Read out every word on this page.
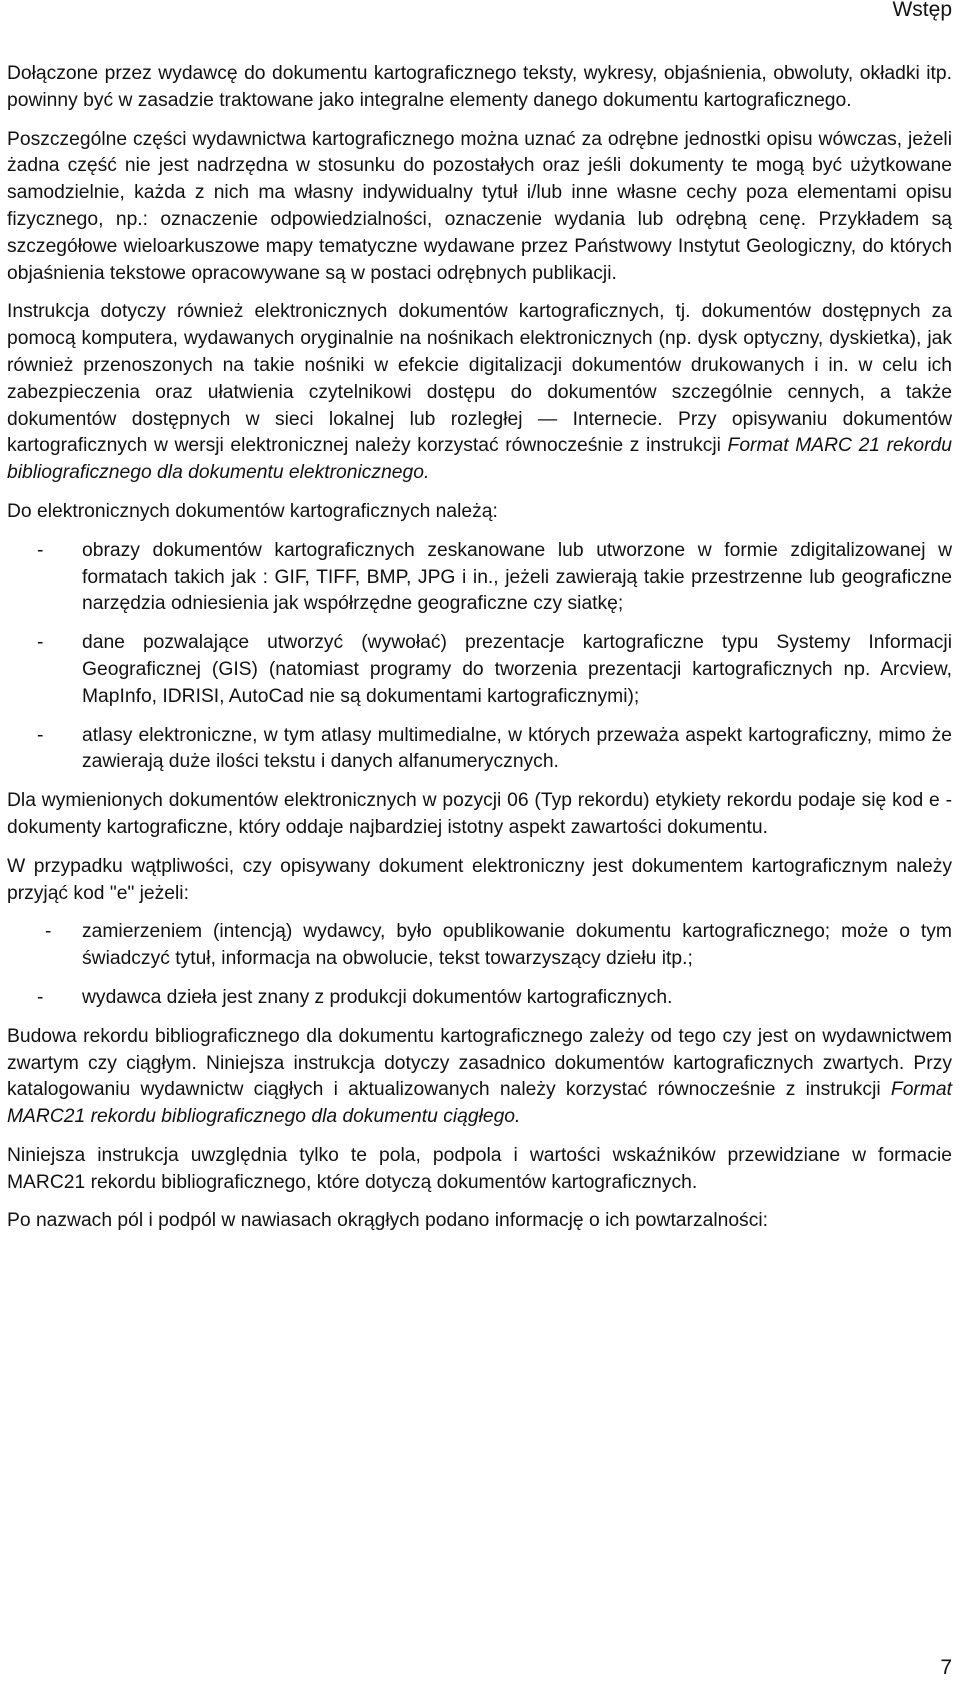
Wstęp

Dołączone przez wydawcę do dokumentu kartograficznego teksty, wykresy, objaśnienia, obwoluty, okładki itp. powinny być w zasadzie traktowane jako integralne elementy danego dokumentu kartograficznego.

Poszczególne części wydawnictwa kartograficznego można uznać za odrębne jednostki opisu wówczas, jeżeli żadna część nie jest nadrzędna w stosunku do pozostałych oraz jeśli dokumenty te mogą być użytkowane samodzielnie, każda z nich ma własny indywidualny tytuł i/lub inne własne cechy poza elementami opisu fizycznego, np.: oznaczenie odpowiedzialności, oznaczenie wydania lub odrębną cenę. Przykładem są szczegółowe wieloarkuszowe mapy tematyczne wydawane przez Państwowy Instytut Geologiczny, do których objaśnienia tekstowe opracowywane są w postaci odrębnych publikacji.

Instrukcja dotyczy również elektronicznych dokumentów kartograficznych, tj. dokumentów dostępnych za pomocą komputera, wydawanych oryginalnie na nośnikach elektronicznych (np. dysk optyczny, dyskietka), jak również przenoszonych na takie nośniki w efekcie digitalizacji dokumentów drukowanych i in. w celu ich zabezpieczenia oraz ułatwienia czytelnikowi dostępu do dokumentów szczególnie cennych, a także dokumentów dostępnych w sieci lokalnej lub rozległej ― Internecie. Przy opisywaniu dokumentów kartograficznych w wersji elektronicznej należy korzystać równocześnie z instrukcji Format MARC 21 rekordu bibliograficznego dla dokumentu elektronicznego.

Do elektronicznych dokumentów kartograficznych należą:

- obrazy dokumentów kartograficznych zeskanowane lub utworzone w formie zdigitalizowanej w formatach takich jak : GIF, TIFF, BMP, JPG i in., jeżeli zawierają takie przestrzenne lub geograficzne narzędzia odniesienia jak współrzędne geograficzne czy siatkę;
- dane pozwalające utworzyć (wywołać) prezentacje kartograficzne typu Systemy Informacji Geograficznej (GIS) (natomiast programy do tworzenia prezentacji kartograficznych np. Arcview, MapInfo, IDRISI, AutoCad nie są dokumentami kartograficznymi);
- atlasy elektroniczne, w tym atlasy multimedialne, w których przeważa aspekt kartograficzny, mimo że zawierają duże ilości tekstu i danych alfanumerycznych.

Dla wymienionych dokumentów elektronicznych w pozycji 06 (Typ rekordu) etykiety rekordu podaje się kod e - dokumenty kartograficzne, który oddaje najbardziej istotny aspekt zawartości dokumentu.

W przypadku wątpliwości, czy opisywany dokument elektroniczny jest dokumentem kartograficznym należy przyjąć kod "e" jeżeli:

- zamierzeniem (intencją) wydawcy, było opublikowanie dokumentu kartograficznego; może o tym świadczyć tytuł, informacja na obwolucie, tekst towarzyszący dziełu itp.;
- wydawca dzieła jest znany z produkcji dokumentów kartograficznych.

Budowa rekordu bibliograficznego dla dokumentu kartograficznego zależy od tego czy jest on wydawnictwem zwartym czy ciągłym. Niniejsza instrukcja dotyczy zasadnico dokumentów kartograficznych zwartych. Przy katalogowaniu wydawnictw ciągłych i aktualizowanych należy korzystać równocześnie z instrukcji Format MARC21 rekordu bibliograficznego dla dokumentu ciągłego.

Niniejsza instrukcja uwzględnia tylko te pola, podpola i wartości wskaźników przewidziane w formacie MARC21 rekordu bibliograficznego, które dotyczą dokumentów kartograficznych.

Po nazwach pól i podpól w nawiasach okrągłych podano informację o ich powtarzalności:

7
